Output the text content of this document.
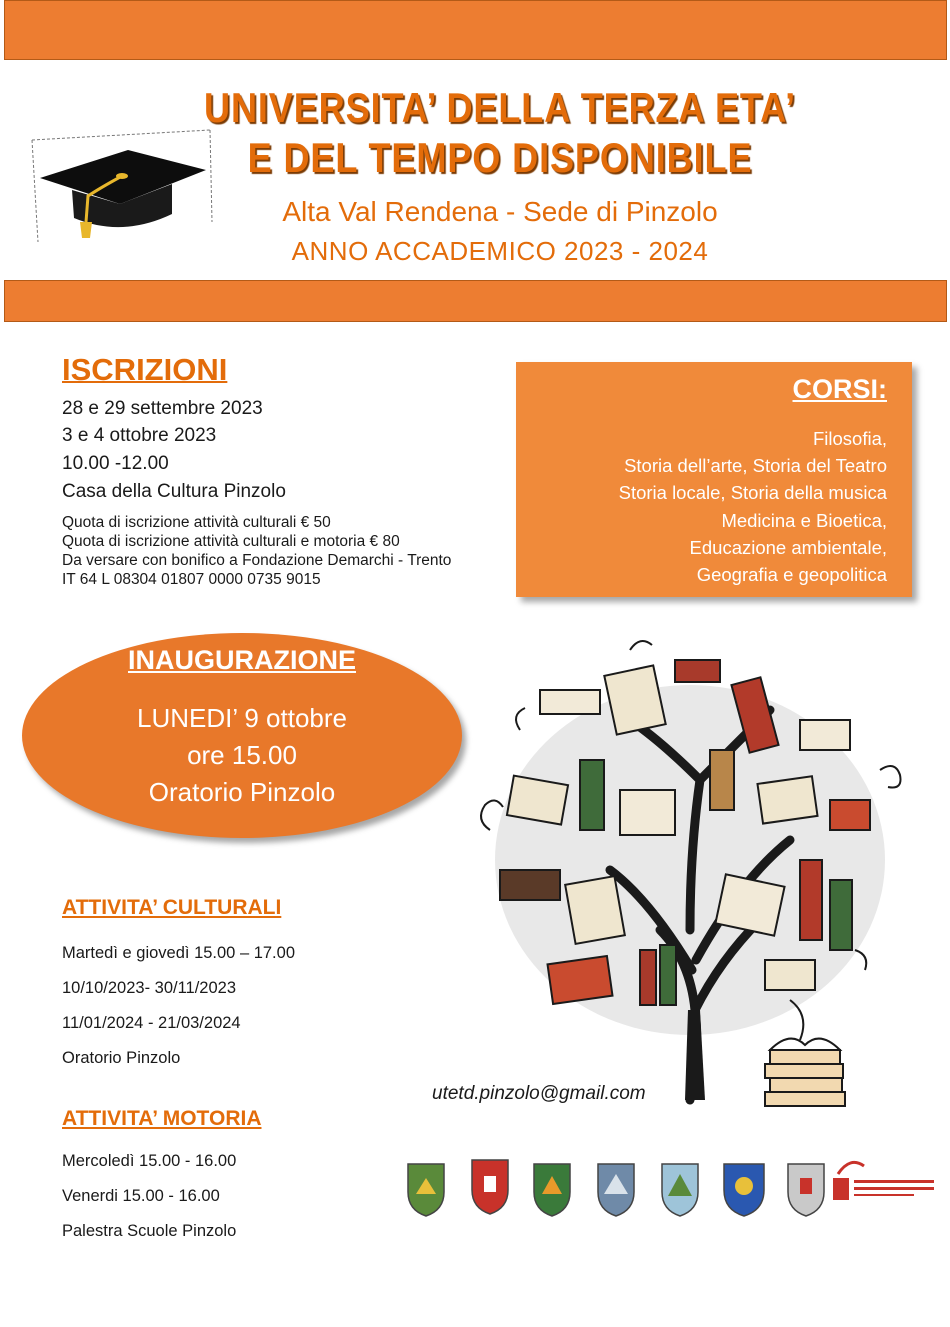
UNIVERSITA’ DELLA TERZA ETA’
E DEL TEMPO DISPONIBILE
Alta Val Rendena - Sede di Pinzolo
ANNO ACCADEMICO 2023 - 2024
ISCRIZIONI
28 e 29 settembre 2023
3 e 4 ottobre 2023
10.00 -12.00
Casa della Cultura Pinzolo
Quota di iscrizione attività culturali € 50
Quota di iscrizione attività culturali e motoria € 80
Da versare con bonifico a Fondazione Demarchi - Trento
IT 64 L 08304 01807 0000 0735 9015
CORSI:
Filosofia,
Storia dell’arte, Storia del Teatro
Storia locale, Storia della musica
Medicina e Bioetica,
Educazione ambientale,
Geografia e geopolitica
INAUGURAZIONE
LUNEDI’ 9 ottobre
ore 15.00
Oratorio Pinzolo
ATTIVITA’ CULTURALI
Martedì e giovedì 15.00 – 17.00
10/10/2023- 30/11/2023
11/01/2024 - 21/03/2024
Oratorio Pinzolo
ATTIVITA’ MOTORIA
Mercoledì 15.00 - 16.00
Venerdi 15.00 - 16.00
Palestra Scuole Pinzolo
utetd.pinzolo@gmail.com
